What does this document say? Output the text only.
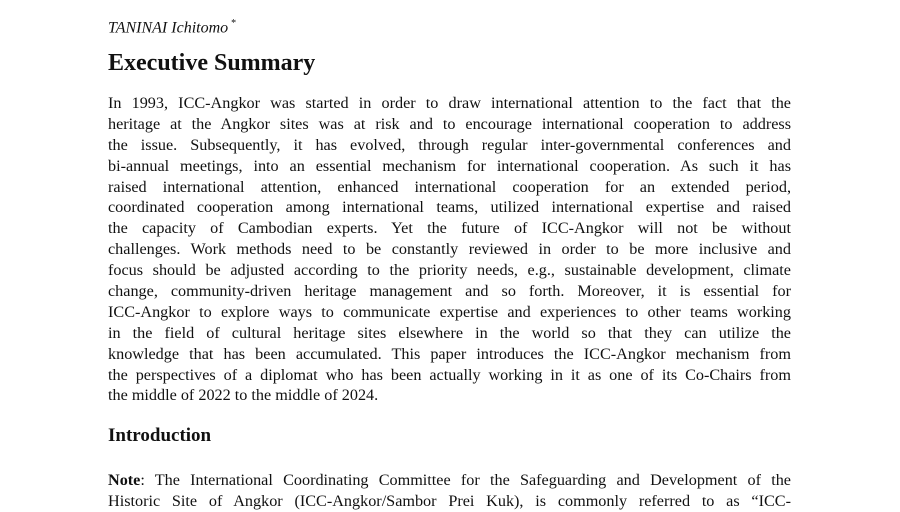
TANINAI Ichitomo *
Executive Summary
In 1993, ICC-Angkor was started in order to draw international attention to the fact that the
heritage at the Angkor sites was at risk and to encourage international cooperation to address
the issue. Subsequently, it has evolved, through regular inter-governmental conferences and
bi-annual meetings, into an essential mechanism for international cooperation. As such it has
raised international attention, enhanced international cooperation for an extended period,
coordinated cooperation among international teams, utilized international expertise and raised
the capacity of Cambodian experts. Yet the future of ICC-Angkor will not be without
challenges. Work methods need to be constantly reviewed in order to be more inclusive and
focus should be adjusted according to the priority needs, e.g., sustainable development, climate
change, community-driven heritage management and so forth. Moreover, it is essential for
ICC-Angkor to explore ways to communicate expertise and experiences to other teams working
in the field of cultural heritage sites elsewhere in the world so that they can utilize the
knowledge that has been accumulated. This paper introduces the ICC-Angkor mechanism from
the perspectives of a diplomat who has been actually working in it as one of its Co-Chairs from
the middle of 2022 to the middle of 2024.
Introduction
Note: The International Coordinating Committee for the Safeguarding and Development of the
Historic Site of Angkor (ICC-Angkor/Sambor Prei Kuk), is commonly referred to as “ICC-
